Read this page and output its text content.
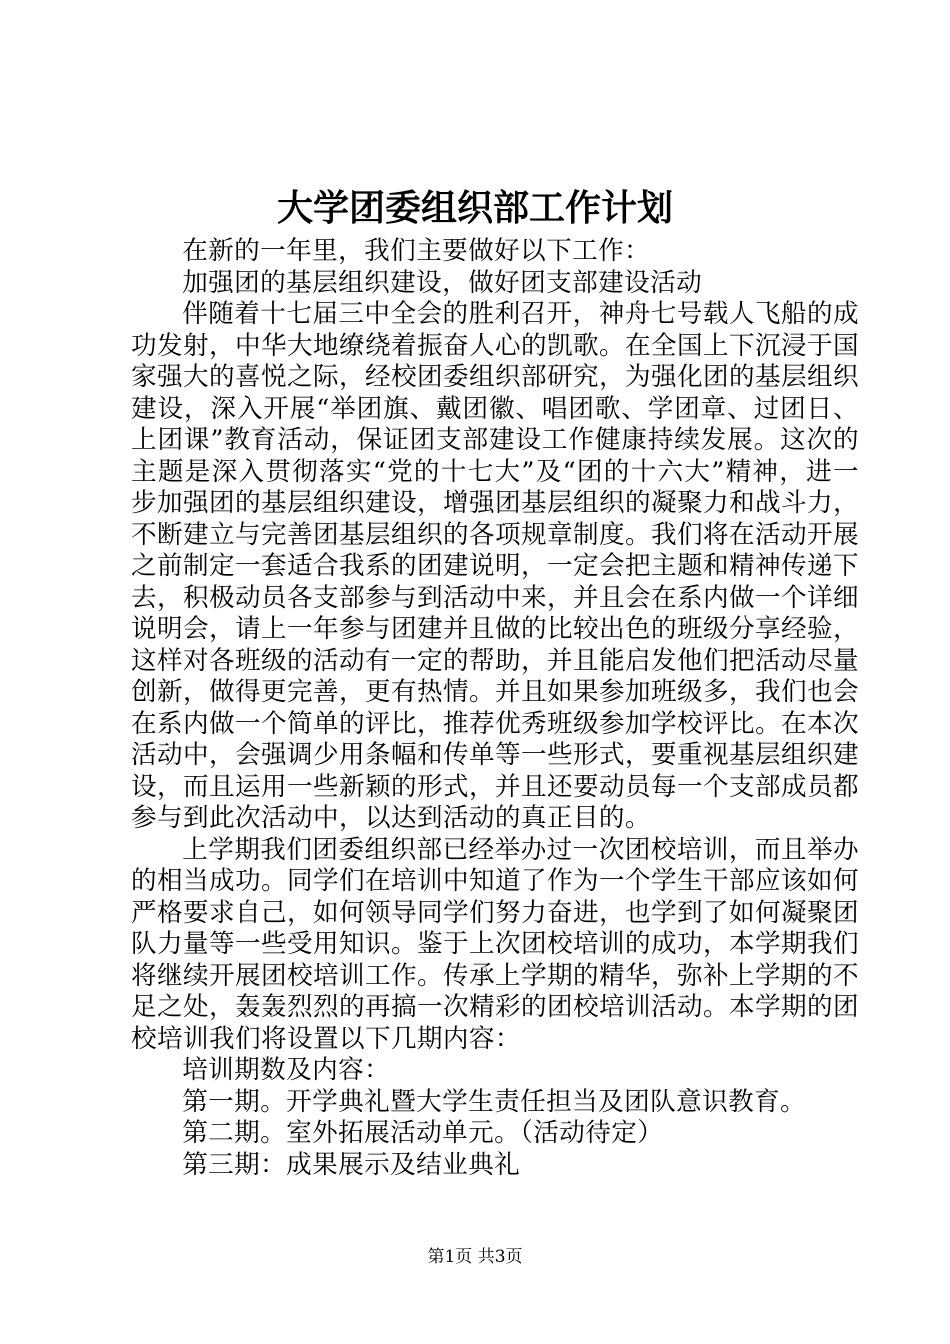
大学团委组织部工作计划

在新的一年里，我们主要做好以下工作：

加强团的基层组织建设，做好团支部建设活动

伴随着十七届三中全会的胜利召开，神舟七号载人飞船的成功发射，中华大地缭绕着振奋人心的凯歌。在全国上下沉浸于国家强大的喜悦之际，经校团委组织部研究，为强化团的基层组织建设，深入开展“举团旗、戴团徽、唱团歌、学团章、过团日、上团课”教育活动，保证团支部建设工作健康持续发展。这次的主题是深入贯彻落实“党的十七大”及“团的十六大”精神，进一步加强团的基层组织建设，增强团基层组织的凝聚力和战斗力，不断建立与完善团基层组织的各项规章制度。我们将在活动开展之前制定一套适合我系的团建说明，一定会把主题和精神传递下去，积极动员各支部参与到活动中来，并且会在系内做一个详细说明会，请上一年参与团建并且做的比较出色的班级分享经验，这样对各班级的活动有一定的帮助，并且能启发他们把活动尽量创新，做得更完善，更有热情。并且如果参加班级多，我们也会在系内做一个简单的评比，推荐优秀班级参加学校评比。在本次活动中，会强调少用条幅和传单等一些形式，要重视基层组织建设，而且运用一些新颖的形式，并且还要动员每一个支部成员都参与到此次活动中，以达到活动的真正目的。

上学期我们团委组织部已经举办过一次团校培训，而且举办的相当成功。同学们在培训中知道了作为一个学生干部应该如何严格要求自己，如何领导同学们努力奋进，也学到了如何凝聚团队力量等一些受用知识。鉴于上次团校培训的成功，本学期我们将继续开展团校培训工作。传承上学期的精华，弥补上学期的不足之处，轰轰烈烈的再搞一次精彩的团校培训活动。本学期的团校培训我们将设置以下几期内容：

培训期数及内容：

第一期。开学典礼暨大学生责任担当及团队意识教育。

第二期。室外拓展活动单元。（活动待定）

第三期：成果展示及结业典礼

第1页 共3页
